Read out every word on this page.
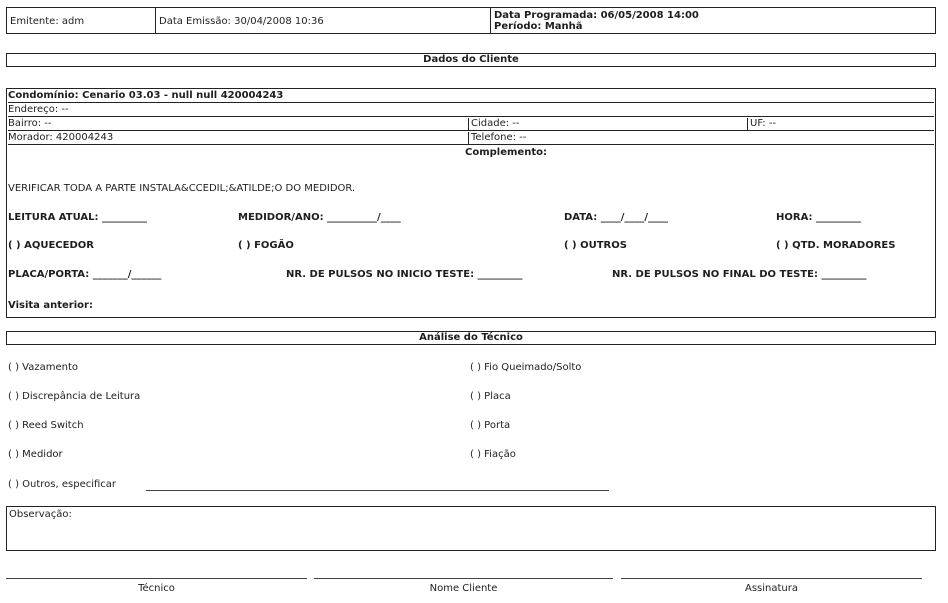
Emitente: adm	Data Emissão: 30/04/2008 10:36
Data Programada: 06/05/2008 14:00
Período: Manhã
Dados do Cliente
Condomínio: Cenario 03.03 - null null 420004243
Endereço: --
Bairro: --	Cidade: --	UF: --
Morador: 420004243	Telefone: --
Complemento:
VERIFICAR TODA A PARTE INSTALA&CCEDIL;&ATILDE;O DO MEDIDOR.
LEITURA ATUAL: _________	MEDIDOR/ANO: __________/____	DATA: ____/____/____	HORA: _________
( ) AQUECEDOR	( ) FOGÃO	( ) OUTROS	( ) QTD. MORADORES
PLACA/PORTA: _______/______	NR. DE PULSOS NO INICIO TESTE: _________	NR. DE PULSOS NO FINAL DO TESTE: _________
Visita anterior:
Análise do Técnico
( ) Vazamento
( ) Discrepância de Leitura
( ) Reed Switch
( ) Medidor
( ) Outros, especificar
( ) Fio Queimado/Solto
( ) Placa
( ) Porta
( ) Fiação
Observação:
Técnico	Nome Cliente	Assinatura
